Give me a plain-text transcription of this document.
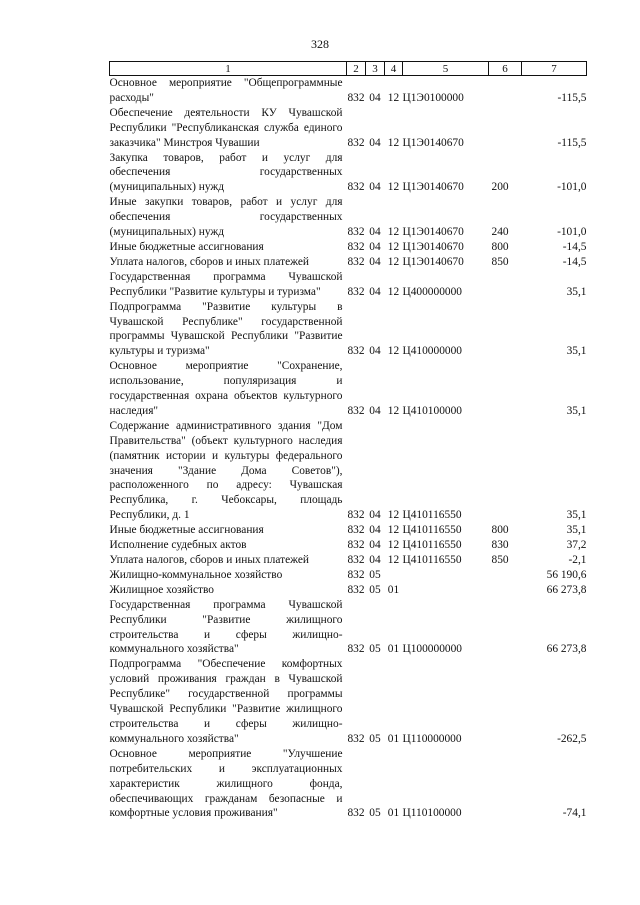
328
1	2	3	4	5	6	7
Основное мероприятие "Общепрограммные расходы"	832	04	12	Ц1Э0100000		-115,5
Обеспечение деятельности КУ Чувашской Республики "Республиканская служба единого заказчика" Минстроя Чувашии	832	04	12	Ц1Э0140670		-115,5
Закупка товаров, работ и услуг для обеспечения государственных (муниципальных) нужд	832	04	12	Ц1Э0140670	200	-101,0
Иные закупки товаров, работ и услуг для обеспечения государственных (муниципальных) нужд	832	04	12	Ц1Э0140670	240	-101,0
Иные бюджетные ассигнования	832	04	12	Ц1Э0140670	800	-14,5
Уплата налогов, сборов и иных платежей	832	04	12	Ц1Э0140670	850	-14,5
Государственная программа Чувашской Республики "Развитие культуры и туризма"	832	04	12	Ц400000000		35,1
Подпрограмма "Развитие культуры в Чувашской Республике" государственной программы Чувашской Республики "Развитие культуры и туризма"	832	04	12	Ц410000000		35,1
Основное мероприятие "Сохранение, использование, популяризация и государственная охрана объектов культурного наследия"	832	04	12	Ц410100000		35,1
Содержание административного здания "Дом Правительства" (объект культурного наследия (памятник истории и культуры федерального значения "Здание Дома Советов"), расположенного по адресу: Чувашская Республика, г. Чебоксары, площадь Республики, д. 1	832	04	12	Ц410116550		35,1
Иные бюджетные ассигнования	832	04	12	Ц410116550	800	35,1
Исполнение судебных актов	832	04	12	Ц410116550	830	37,2
Уплата налогов, сборов и иных платежей	832	04	12	Ц410116550	850	-2,1
Жилищно-коммунальное хозяйство	832	05				56 190,6
Жилищное хозяйство	832	05	01			66 273,8
Государственная программа Чувашской Республики "Развитие жилищного строительства и сферы жилищно-коммунального хозяйства"	832	05	01	Ц100000000		66 273,8
Подпрограмма "Обеспечение комфортных условий проживания граждан в Чувашской Республике" государственной программы Чувашской Республики "Развитие жилищного строительства и сферы жилищно-коммунального хозяйства"	832	05	01	Ц110000000		-262,5
Основное мероприятие "Улучшение потребительских и эксплуатационных характеристик жилищного фонда, обеспечивающих гражданам безопасные и комфортные условия проживания"	832	05	01	Ц110100000		-74,1
